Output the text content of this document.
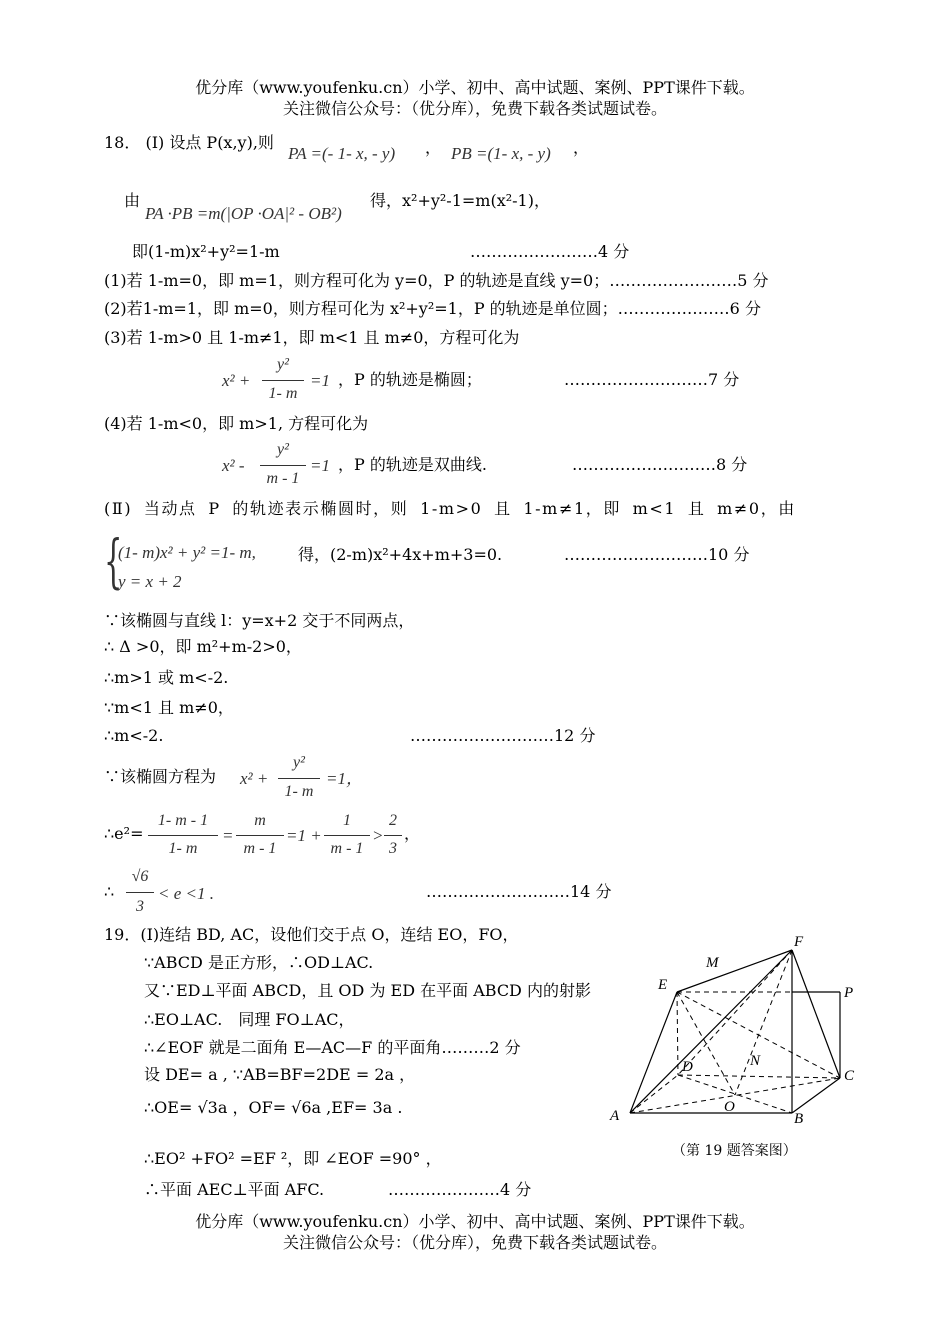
优分库（www.youfenku.cn）小学、初中、高中试题、案例、PPT课件下载。
关注微信公众号：（优分库），免费下载各类试题试卷。
18． (Ⅰ) 设点 P(x,y),则
PA =(- 1- x, - y) ， PB =(1- x, - y) ，
由
PA ·PB =m(|OP ·OA|² - OB²)
得，x²+y²-1=m(x²-1)，
即(1-m)x²+y²=1-m	……………………4 分
(1)若 1-m=0，即 m=1，则方程可化为 y=0，P 的轨迹是直线 y=0；……………………5 分
(2)若1-m=1，即 m=0，则方程可化为 x²+y²=1，P 的轨迹是单位圆；…………………6 分
(3)若 1-m>0 且 1-m≠1，即 m<1 且 m≠0，方程可化为
x² +
y²
1- m
=1 ，P 的轨迹是椭圆；	………………………7 分
(4)若 1-m<0，即 m>1, 方程可化为
x² -
y²
m - 1
=1 ，P 的轨迹是双曲线.	………………………8 分
(Ⅱ) 当动点 P 的轨迹表示椭圆时，则 1-m>0 且 1-m≠1，即 m<1 且 m≠0，由
{
(1- m)x² + y² =1- m,
y = x + 2
得，(2-m)x²+4x+m+3=0.	………………………10 分
∵该椭圆与直线 l：y=x+2 交于不同两点，
∴ Δ >0，即 m²+m-2>0，
∴m>1 或 m<-2.
∵m<1 且 m≠0，
∴m<-2.	………………………12 分
∵该椭圆方程为 x² +
y²
1- m
=1，
∴e²=
1- m - 1
1- m
=
m
m - 1
=1 +
1
m - 1
>
2
3
，
∴
√6
3
< e <1 .	………………………14 分
19．(Ⅰ)连结 BD, AC，设他们交于点 O，连结 EO，FO，
∵ABCD 是正方形，∴OD⊥AC.
又∵ED⊥平面 ABCD，且 OD 为 ED 在平面 ABCD 内的射影
∴EO⊥AC.　同理 FO⊥AC，
∴∠EOF 就是二面角 E—AC—F 的平面角………2 分
设 DE= a , ∵AB=BF=2DE = 2a ，
∴OE= √3a ，OF= √6a ,EF= 3a .
∴EO² +FO² =EF ²，即 ∠EOF =90° ，
∴平面 AEC⊥平面 AFC.	…………………4 分
A	B
C
D
E
F
M
N
O
P
（第 19 题答案图）
优分库（www.youfenku.cn）小学、初中、高中试题、案例、PPT课件下载。
关注微信公众号：（优分库），免费下载各类试题试卷。
